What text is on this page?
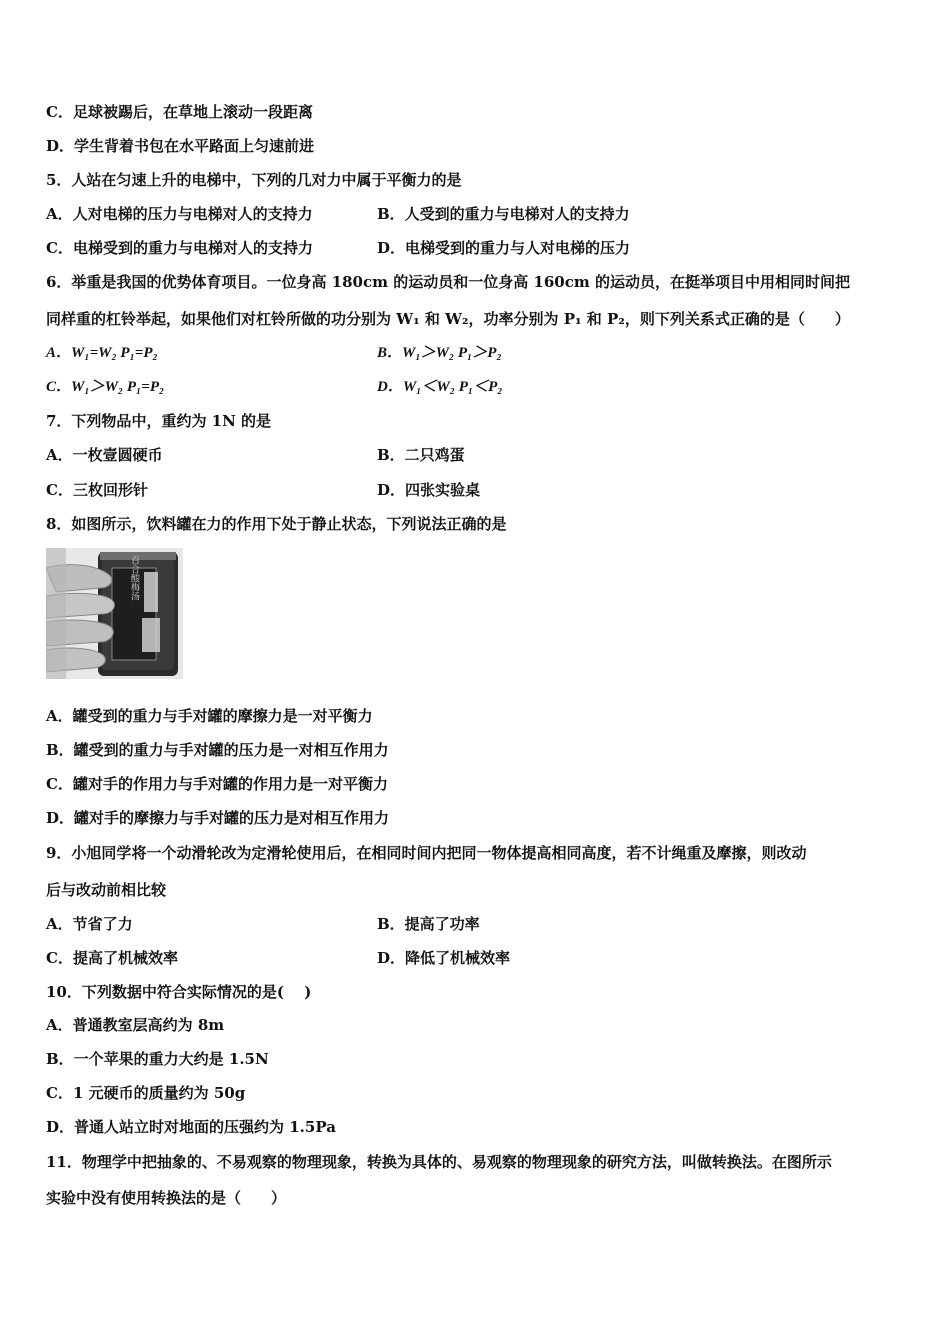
C．足球被踢后，在草地上滚动一段距离
D．学生背着书包在水平路面上匀速前进
5．人站在匀速上升的电梯中，下列的几对力中属于平衡力的是
A．人对电梯的压力与电梯对人的支持力	B．人受到的重力与电梯对人的支持力
C．电梯受到的重力与电梯对人的支持力	D．电梯受到的重力与人对电梯的压力
6．举重是我国的优势体育项目。一位身高 180cm 的运动员和一位身高 160cm 的运动员，在挺举项目中用相同时间把
同样重的杠铃举起，如果他们对杠铃所做的功分别为 W₁ 和 W₂，功率分别为 P₁ 和 P₂，则下列关系式正确的是（　　）
A．W₁=W₂ P₁=P₂	B．W₁＞W₂ P₁＞P₂
C．W₁＞W₂ P₁=P₂	D．W₁＜W₂ P₁＜P₂
7．下列物品中，重约为 1N 的是
A．一枚壹圆硬币	B．二只鸡蛋
C．三枚回形针	D．四张实验桌
8．如图所示，饮料罐在力的作用下处于静止状态，下列说法正确的是
百合酸梅汤
A．罐受到的重力与手对罐的摩擦力是一对平衡力
B．罐受到的重力与手对罐的压力是一对相互作用力
C．罐对手的作用力与手对罐的作用力是一对平衡力
D．罐对手的摩擦力与手对罐的压力是对相互作用力
9．小旭同学将一个动滑轮改为定滑轮使用后，在相同时间内把同一物体提高相同高度，若不计绳重及摩擦，则改动
后与改动前相比较
A．节省了力	B．提高了功率
C．提高了机械效率	D．降低了机械效率
10．下列数据中符合实际情况的是(　 )
A．普通教室层高约为 8m
B．一个苹果的重力大约是 1.5N
C．1 元硬币的质量约为 50g
D．普通人站立时对地面的压强约为 1.5Pa
11．物理学中把抽象的、不易观察的物理现象，转换为具体的、易观察的物理现象的研究方法，叫做转换法。在图所示
实验中没有使用转换法的是（　　）
